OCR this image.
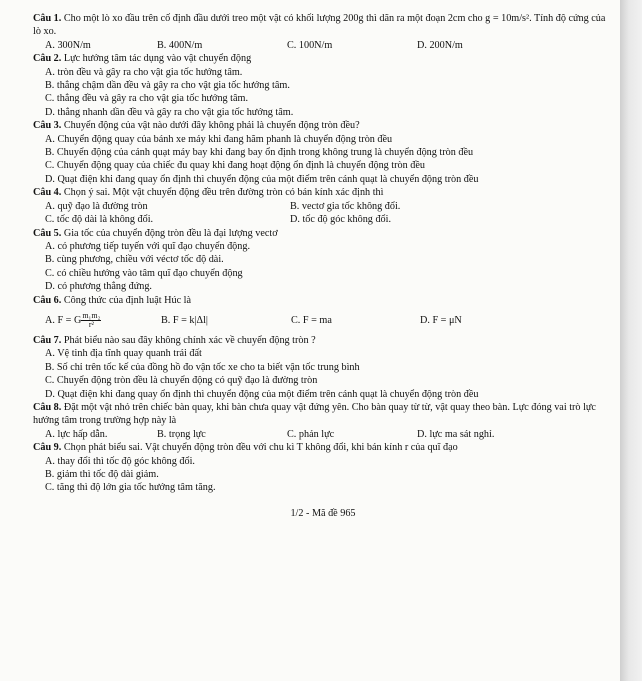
Câu 1. Cho một lò xo đầu trên cố định đầu dưới treo một vật có khối lượng 200g thì dãn ra một đoạn 2cm cho g = 10m/s². Tính độ cứng của lò xo.
A. 300N/m	B. 400N/m	C. 100N/m	D. 200N/m

Câu 2. Lực hướng tâm tác dụng vào vật chuyển động
A. tròn đều và gây ra cho vật gia tốc hướng tâm.
B. thẳng chậm dần đều và gây ra cho vật gia tốc hướng tâm.
C. thẳng đều và gây ra cho vật gia tốc hướng tâm.
D. thẳng nhanh dần đều và gây ra cho vật gia tốc hướng tâm.

Câu 3. Chuyển động của vật nào dưới đây không phải là chuyển động tròn đều?
A. Chuyển động quay của bánh xe máy khi đang hãm phanh là chuyển động tròn đều
B. Chuyển động của cánh quạt máy bay khi đang bay ổn định trong không trung là chuyển động tròn đều
C. Chuyển động quay của chiếc đu quay khi đang hoạt động ổn định là chuyển động tròn đều
D. Quạt điện khi đang quay ổn định thì chuyển động của một điểm trên cánh quạt là chuyển động tròn đều

Câu 4. Chọn ý sai. Một vật chuyển động đều trên đường tròn có bán kính xác định thì
A. quỹ đạo là đường tròn	B. vectơ gia tốc không đổi.
C. tốc độ dài là không đổi.	D. tốc độ góc không đổi.

Câu 5. Gia tốc của chuyển động tròn đều là đại lượng vectơ
A. có phương tiếp tuyến với quĩ đạo chuyển động.
B. cùng phương, chiều với véctơ tốc độ dài.
C. có chiều hướng vào tâm quĩ đạo chuyển động
D. có phương thẳng đứng.

Câu 6. Công thức của định luật Húc là
A. F = G $\frac{\text{m₁m₂}}{\text{r²}}$	B. F = k|Δl|	C. F = ma	D. F = μN

Câu 7. Phát biểu nào sau đây không chính xác về chuyển động tròn ?
A. Vệ tinh địa tĩnh quay quanh trái đất
B. Số chỉ trên tốc kế của đồng hồ đo vận tốc xe cho ta biết vận tốc trung bình
C. Chuyển động tròn đều là chuyển động có quỹ đạo là đường tròn
D. Quạt điện khi đang quay ổn định thì chuyển động của một điểm trên cánh quạt là chuyển động tròn đều

Câu 8. Đặt một vật nhỏ trên chiếc bàn quay, khi bàn chưa quay vật đứng yên. Cho bàn quay từ từ, vật quay theo bàn. Lực đóng vai trò lực hướng tâm trong trường hợp này là
A. lực hấp dẫn.	B. trọng lực	C. phản lực	D. lực ma sát nghỉ.

Câu 9. Chọn phát biểu sai. Vật chuyển động tròn đều với chu kì T không đổi, khi bán kính r của quĩ đạo
A. thay đổi thì tốc độ góc không đổi.
B. giảm thì tốc độ dài giảm.
C. tăng thì độ lớn gia tốc hướng tâm tăng.

1/2 - Mã đề 965
